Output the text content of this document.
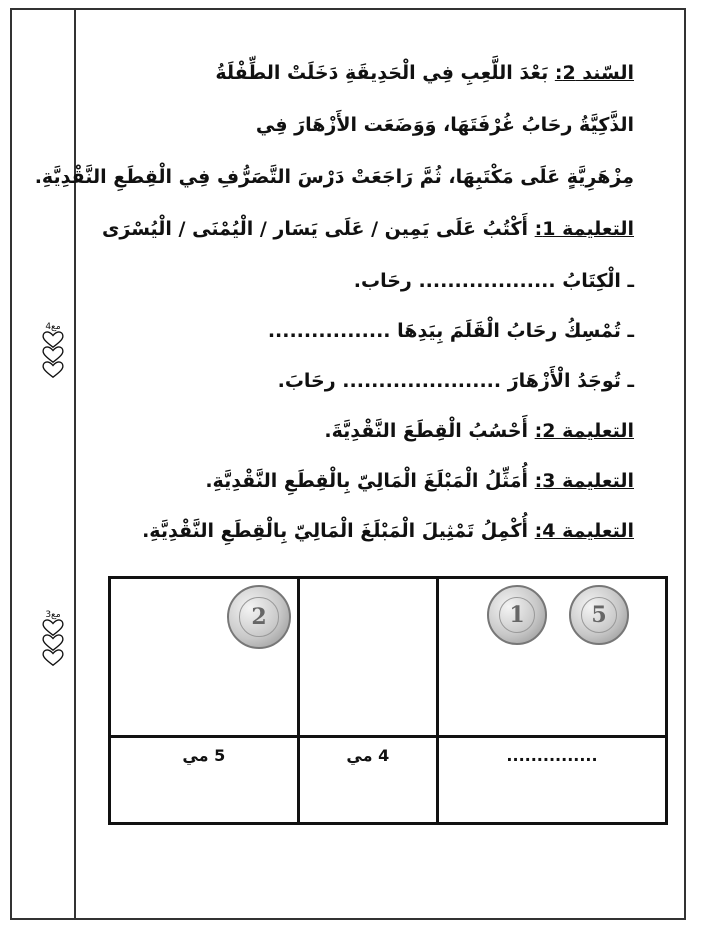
مع4
مع3
السّند 2: بَعْدَ اللَّعِبِ فِي الْحَدِيقَةِ دَخَلَتْ الطِّفْلَةُ
الذَّكِيَّةُ رحَابُ غُرْفَتَهَا، وَوَضَعَت الأَزْهَارَ فِي
مِزْهَرِيَّةٍ عَلَى مَكْتَبِهَا، ثُمَّ رَاجَعَتْ دَرْسَ التَّصَرُّفِ فِي الْقِطَعِ النَّقْدِيَّةِ.
التعليمة 1: أَكْتُبُ عَلَى يَمِين / عَلَى يَسَار / الْيُمْنَى / الْيُسْرَى
ـ الْكِتَابُ ................... رحَاب.
ـ تُمْسِكُ رحَابُ الْقَلَمَ بِيَدِهَا .................
ـ تُوجَدُ الْأَزْهَارَ ...................... رحَابَ.
التعليمة 2: أَحْسُبُ الْقِطَعَ النَّقْدِيَّةَ.
التعليمة 3: أُمَثِّلُ الْمَبْلَغَ الْمَالِيّ بِالْقِطَعِ النَّقْدِيَّةِ.
التعليمة 4: أُكْمِلُ تَمْثِيلَ الْمَبْلَغَ الْمَالِيّ بِالْقِطَعِ النَّقْدِيَّةِ.
2		1 5

5 مي	4 مي	...............
